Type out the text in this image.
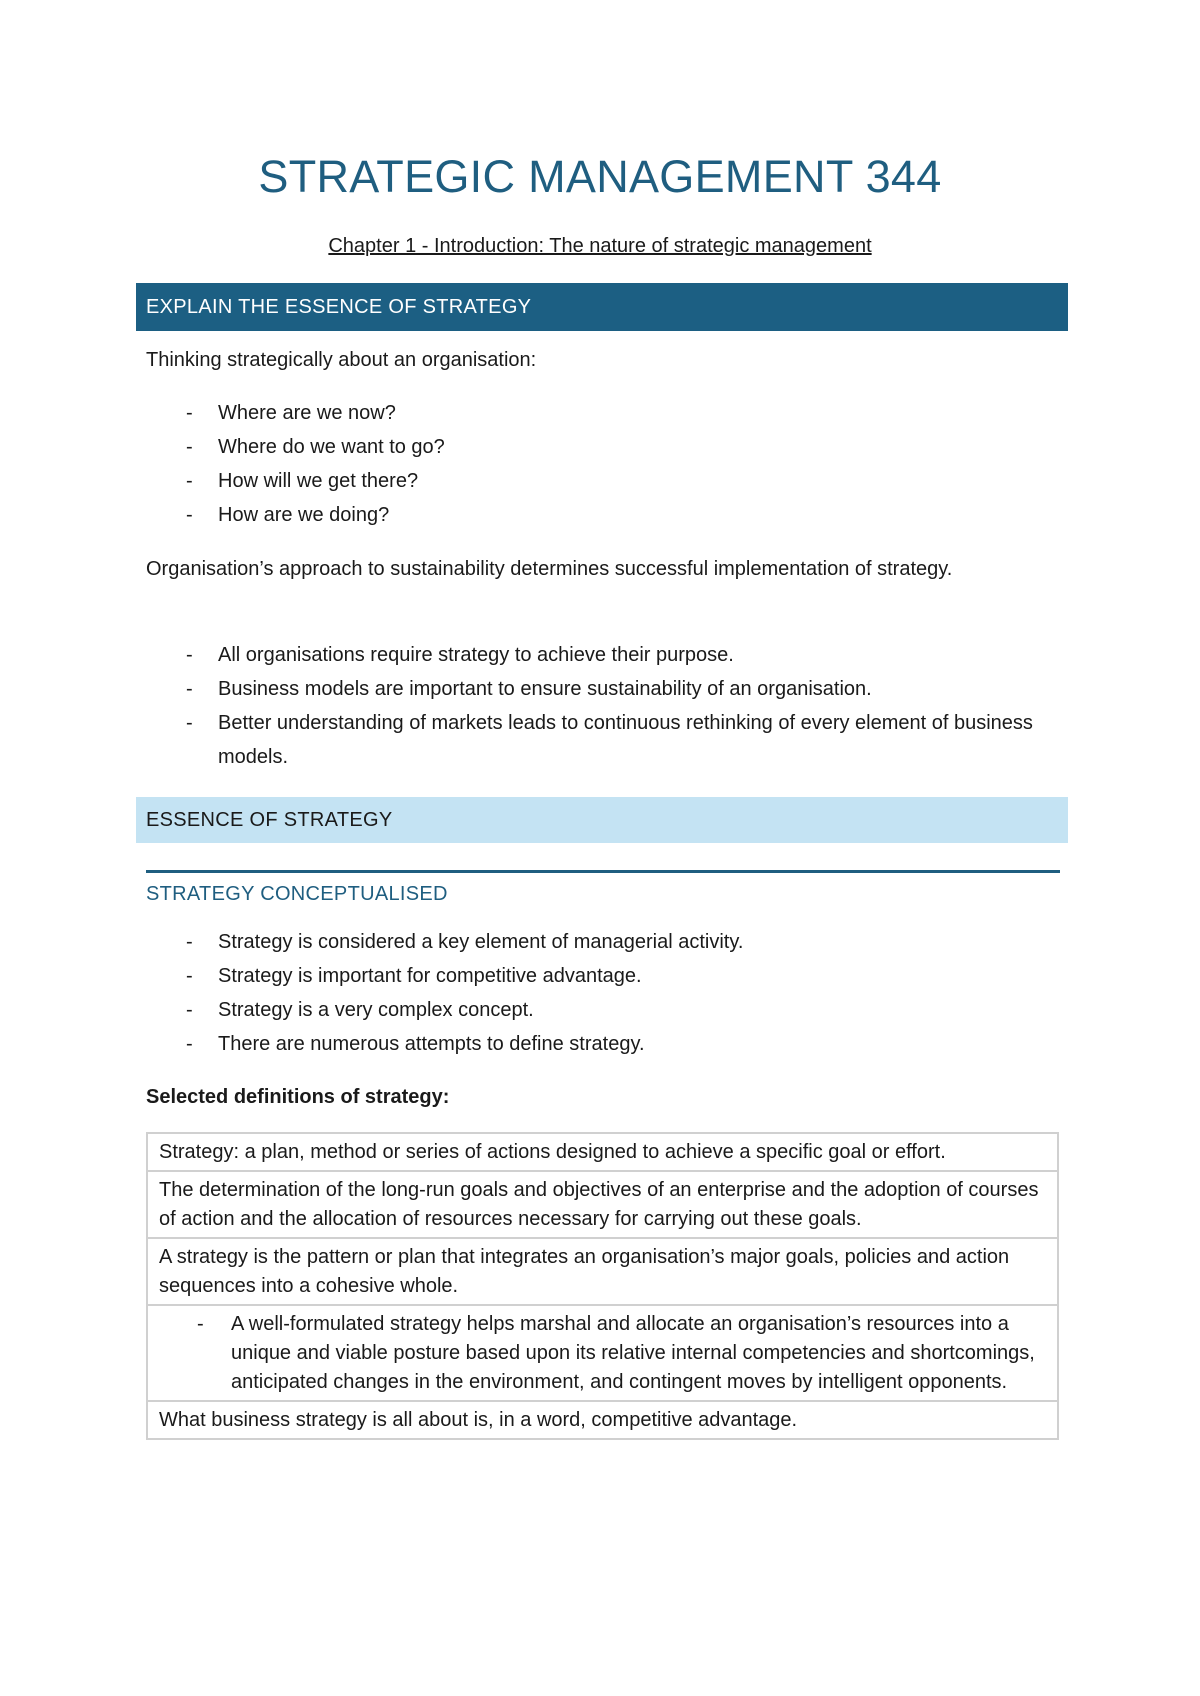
STRATEGIC MANAGEMENT 344
Chapter 1 - Introduction: The nature of strategic management
EXPLAIN THE ESSENCE OF STRATEGY
Thinking strategically about an organisation:
- Where are we now?
- Where do we want to go?
- How will we get there?
- How are we doing?
Organisation’s approach to sustainability determines successful implementation of strategy.
- All organisations require strategy to achieve their purpose.
- Business models are important to ensure sustainability of an organisation.
- Better understanding of markets leads to continuous rethinking of every element of business models.
ESSENCE OF STRATEGY
STRATEGY CONCEPTUALISED
- Strategy is considered a key element of managerial activity.
- Strategy is important for competitive advantage.
- Strategy is a very complex concept.
- There are numerous attempts to define strategy.
Selected definitions of strategy:
Strategy: a plan, method or series of actions designed to achieve a specific goal or effort.
The determination of the long-run goals and objectives of an enterprise and the adoption of courses of action and the allocation of resources necessary for carrying out these goals.
A strategy is the pattern or plan that integrates an organisation’s major goals, policies and action sequences into a cohesive whole.

- A well-formulated strategy helps marshal and allocate an organisation’s resources into a unique and viable posture based upon its relative internal competencies and shortcomings, anticipated changes in the environment, and contingent moves by intelligent opponents.

What business strategy is all about is, in a word, competitive advantage.
